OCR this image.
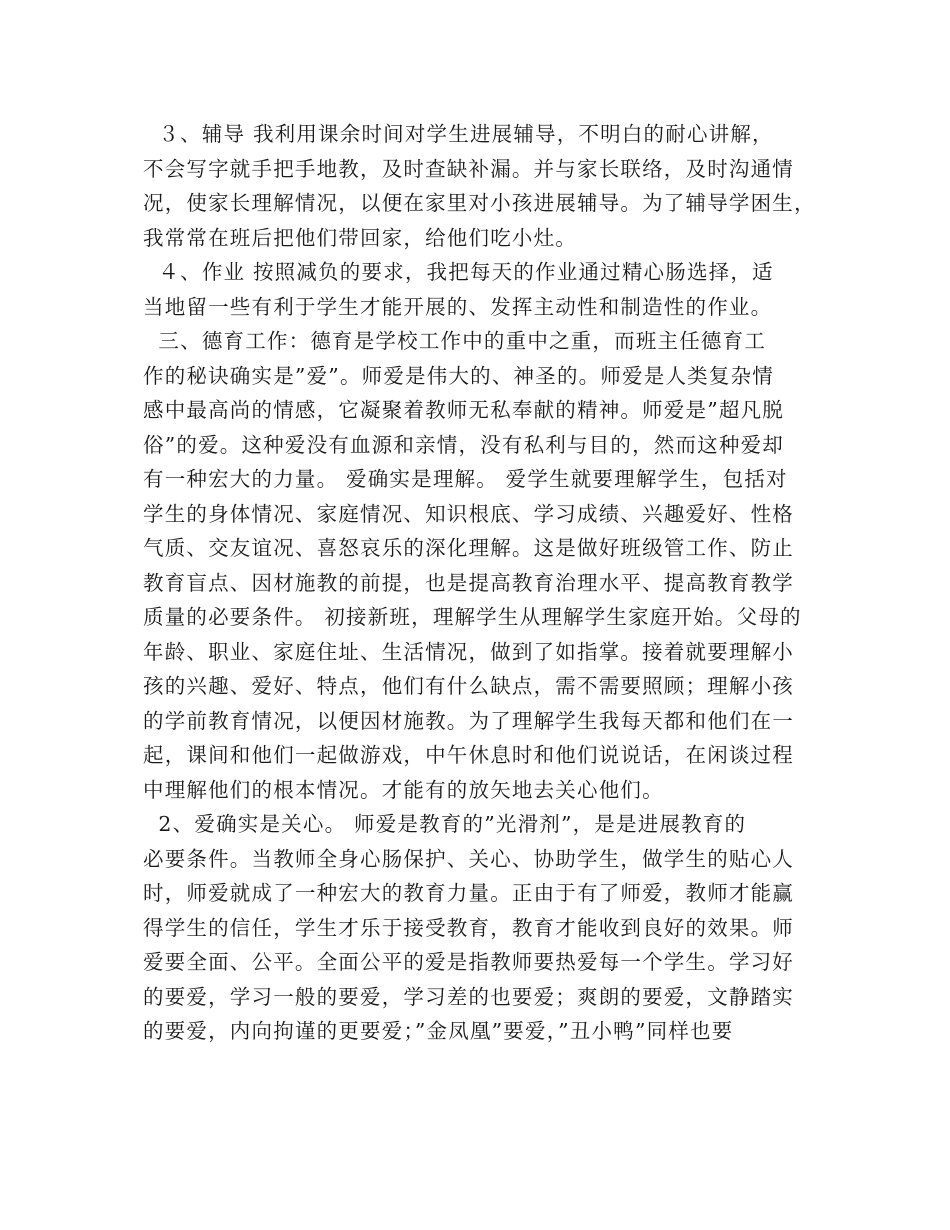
３、辅导 我利用课余时间对学生进展辅导，不明白的耐心讲解，
不会写字就手把手地教，及时查缺补漏。并与家长联络，及时沟通情
况，使家长理解情况，以便在家里对小孩进展辅导。为了辅导学困生，
我常常在班后把他们带回家，给他们吃小灶。
４、作业 按照减负的要求，我把每天的作业通过精心肠选择，适
当地留一些有利于学生才能开展的、发挥主动性和制造性的作业。
三、德育工作：德育是学校工作中的重中之重，而班主任德育工
作的秘诀确实是”爱”。师爱是伟大的、神圣的。师爱是人类复杂情
感中最高尚的情感，它凝聚着教师无私奉献的精神。师爱是”超凡脱
俗”的爱。这种爱没有血源和亲情，没有私利与目的，然而这种爱却
有一种宏大的力量。 爱确实是理解。 爱学生就要理解学生，包括对
学生的身体情况、家庭情况、知识根底、学习成绩、兴趣爱好、性格
气质、交友谊况、喜怒哀乐的深化理解。这是做好班级管工作、防止
教育盲点、因材施教的前提，也是提高教育治理水平、提高教育教学
质量的必要条件。 初接新班，理解学生从理解学生家庭开始。父母的
年龄、职业、家庭住址、生活情况，做到了如指掌。接着就要理解小
孩的兴趣、爱好、特点，他们有什么缺点，需不需要照顾；理解小孩
的学前教育情况，以便因材施教。为了理解学生我每天都和他们在一
起，课间和他们一起做游戏，中午休息时和他们说说话，在闲谈过程
中理解他们的根本情况。才能有的放矢地去关心他们。
2、爱确实是关心。 师爱是教育的”光滑剂”，是是进展教育的
必要条件。当教师全身心肠保护、关心、协助学生，做学生的贴心人
时，师爱就成了一种宏大的教育力量。正由于有了师爱，教师才能赢
得学生的信任，学生才乐于接受教育，教育才能收到良好的效果。师
爱要全面、公平。全面公平的爱是指教师要热爱每一个学生。学习好
的要爱，学习一般的要爱，学习差的也要爱；爽朗的要爱，文静踏实
的要爱，内向拘谨的更要爱；”金凤凰”要爱，”丑小鸭”同样也要
